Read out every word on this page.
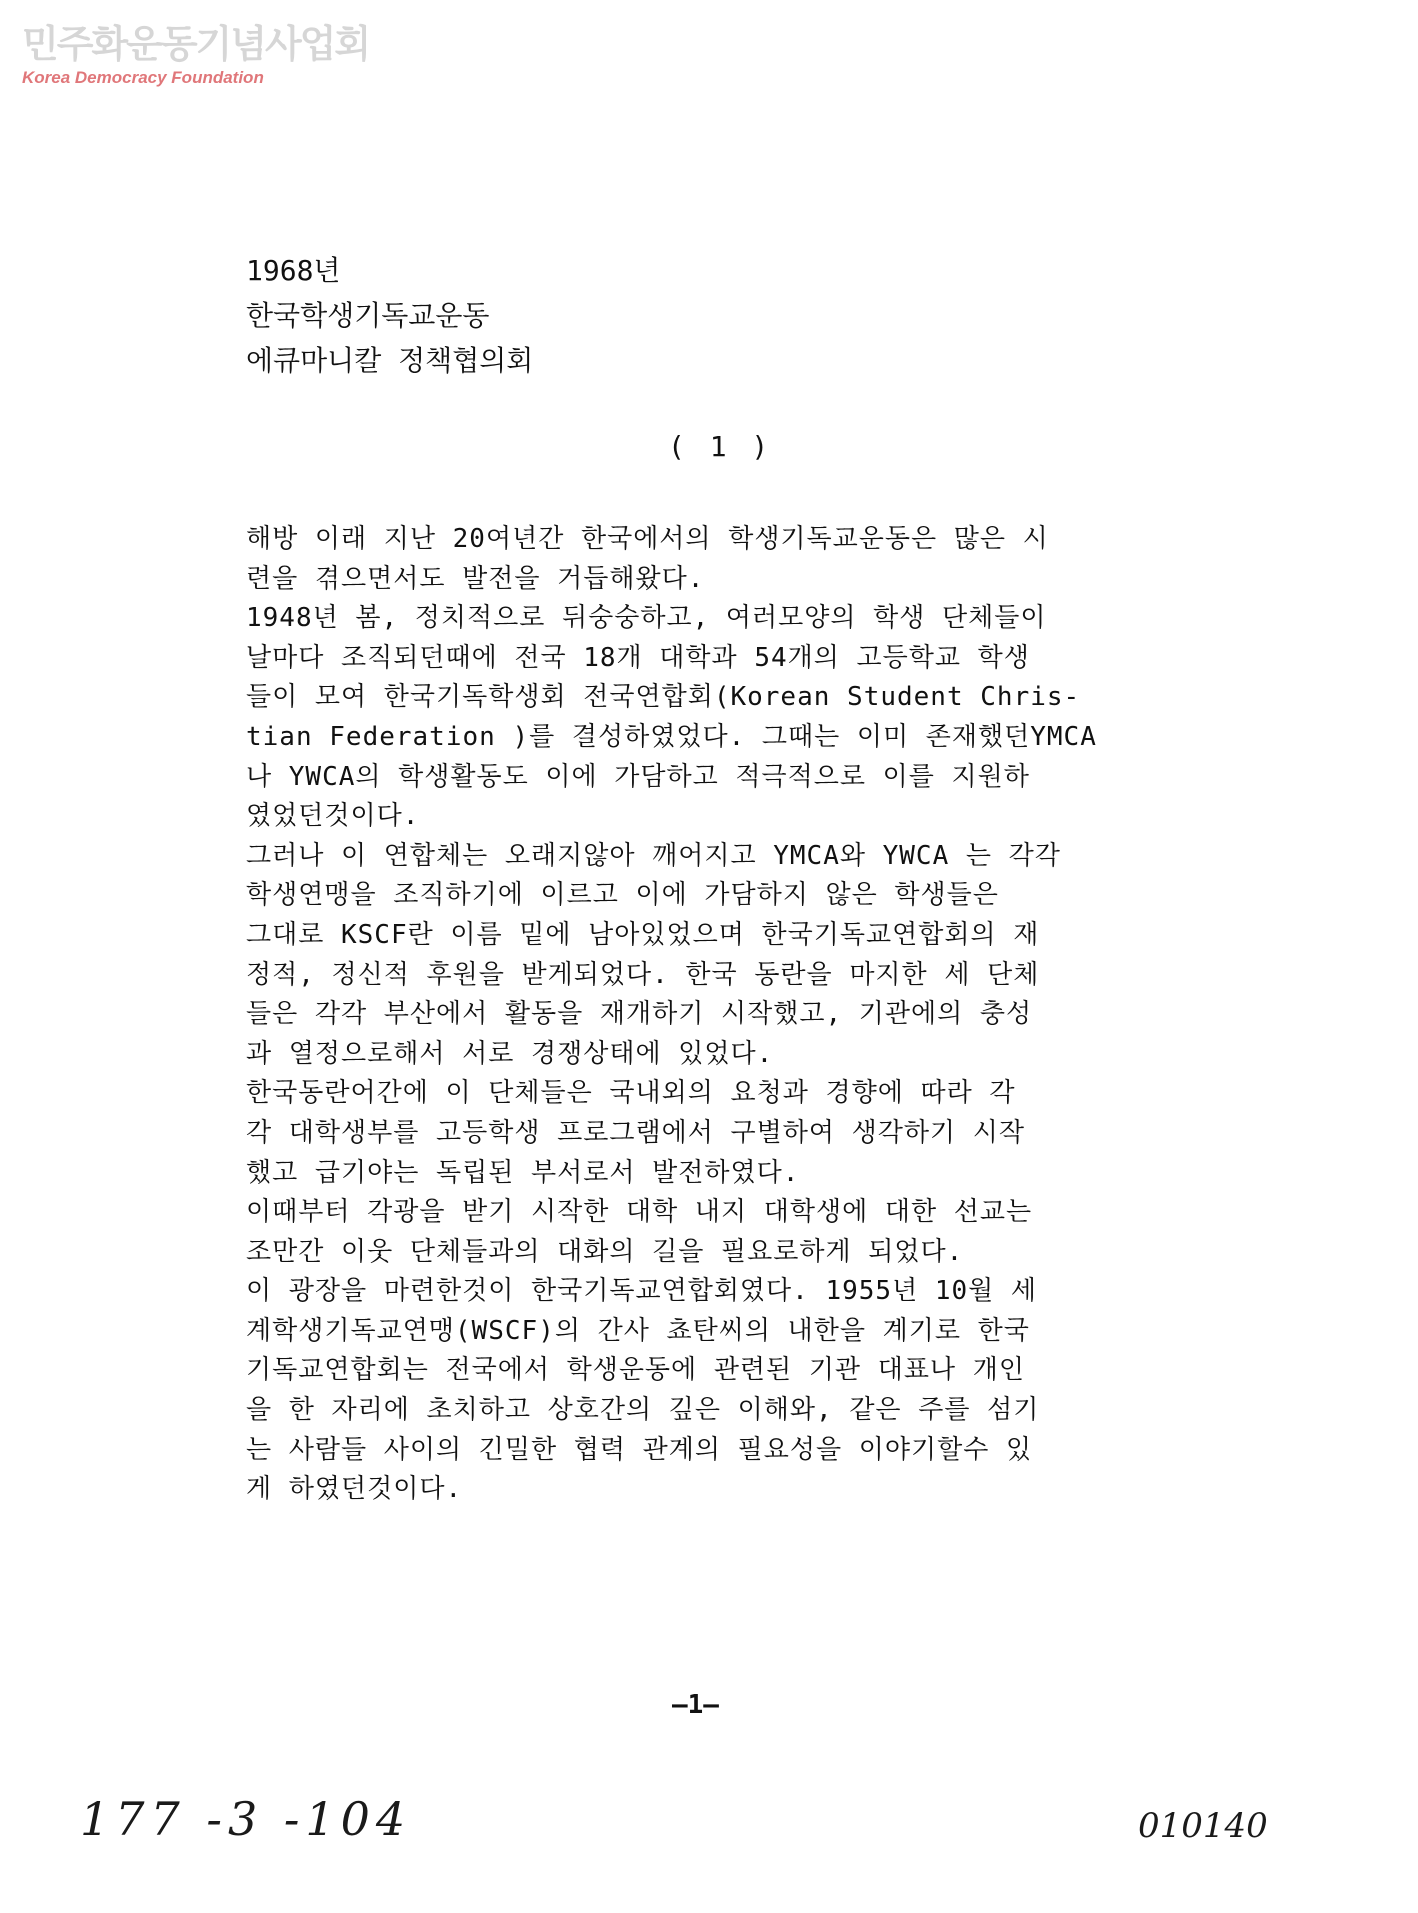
민주화운동기념사업회
Korea Democracy Foundation
1968년
한국학생기독교운동
에큐마니칼 정책협의회
( 1 )
해방 이래 지난 20여년간 한국에서의 학생기독교운동은 많은 시
련을 겪으면서도 발전을 거듭해왔다.
1948년 봄, 정치적으로 뒤숭숭하고, 여러모양의 학생 단체들이
날마다 조직되던때에 전국 18개 대학과 54개의 고등학교 학생
들이 모여 한국기독학생회 전국연합회(Korean Student Chris-
tian Federation )를 결성하였었다. 그때는 이미 존재했던YMCA
나 YWCA의 학생활동도 이에 가담하고 적극적으로 이를 지원하
였었던것이다.
그러나 이 연합체는 오래지않아 깨어지고 YMCA와 YWCA 는 각각
학생연맹을 조직하기에 이르고 이에 가담하지 않은 학생들은
그대로 KSCF란 이름 밑에 남아있었으며 한국기독교연합회의 재
정적, 정신적 후원을 받게되었다. 한국 동란을 마지한 세 단체
들은 각각 부산에서 활동을 재개하기 시작했고, 기관에의 충성
과 열정으로해서 서로 경쟁상태에 있었다.
한국동란어간에 이 단체들은 국내외의 요청과 경향에 따라 각
각 대학생부를 고등학생 프로그램에서 구별하여 생각하기 시작
했고 급기야는 독립된 부서로서 발전하였다.
이때부터 각광을 받기 시작한 대학 내지 대학생에 대한 선교는
조만간 이웃 단체들과의 대화의 길을 필요로하게 되었다.
이 광장을 마련한것이 한국기독교연합회였다. 1955년 10월 세
계학생기독교연맹(WSCF)의 간사 쵸탄씨의 내한을 계기로 한국
기독교연합회는 전국에서 학생운동에 관련된 기관 대표나 개인
을 한 자리에 초치하고 상호간의 깊은 이해와, 같은 주를 섬기
는 사람들 사이의 긴밀한 협력 관계의 필요성을 이야기할수 있
게 하였던것이다.
—1—
177 -3 -104	010140
